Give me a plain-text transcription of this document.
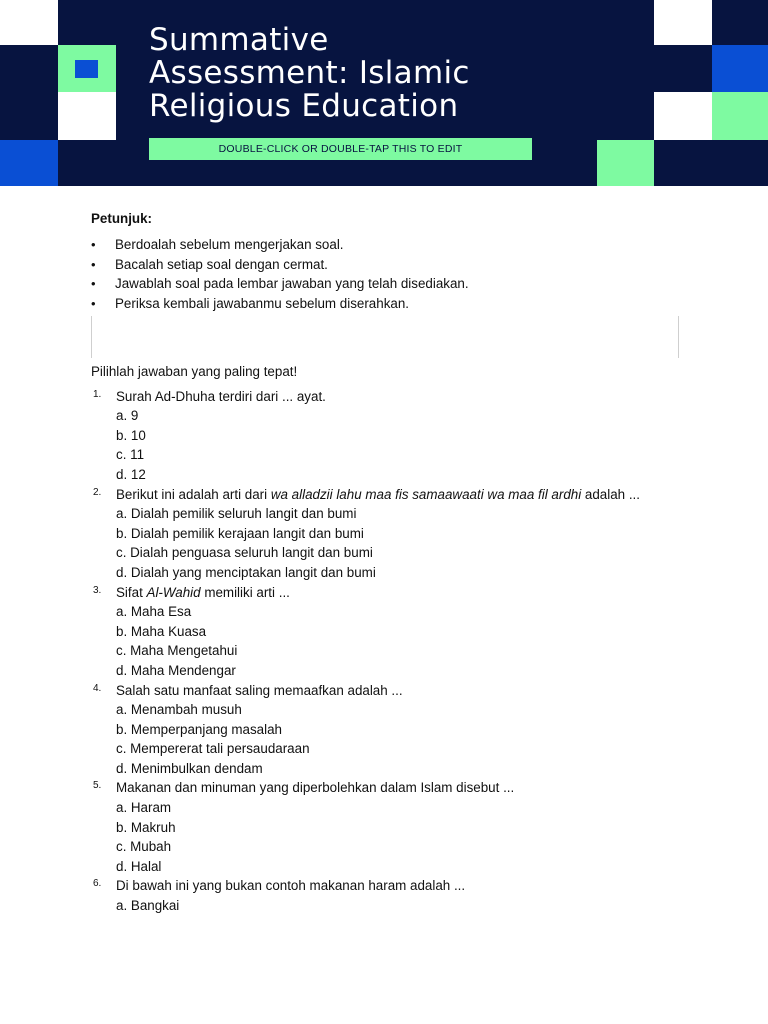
Summative
Assessment: Islamic
Religious Education
DOUBLE-CLICK OR DOUBLE-TAP THIS TO EDIT
Petunjuk:
• Berdoalah sebelum mengerjakan soal.
• Bacalah setiap soal dengan cermat.
• Jawablah soal pada lembar jawaban yang telah disediakan.
• Periksa kembali jawabanmu sebelum diserahkan.
Pilihlah jawaban yang paling tepat!
1. Surah Ad-Dhuha terdiri dari ... ayat.
a. 9
b. 10
c. 11
d. 12
2. Berikut ini adalah arti dari wa alladzii lahu maa fis samaawaati wa maa fil ardhi adalah ...
a. Dialah pemilik seluruh langit dan bumi
b. Dialah pemilik kerajaan langit dan bumi
c. Dialah penguasa seluruh langit dan bumi
d. Dialah yang menciptakan langit dan bumi
3. Sifat Al-Wahid memiliki arti ...
a. Maha Esa
b. Maha Kuasa
c. Maha Mengetahui
d. Maha Mendengar
4. Salah satu manfaat saling memaafkan adalah ...
a. Menambah musuh
b. Memperpanjang masalah
c. Mempererat tali persaudaraan
d. Menimbulkan dendam
5. Makanan dan minuman yang diperbolehkan dalam Islam disebut ...
a. Haram
b. Makruh
c. Mubah
d. Halal
6. Di bawah ini yang bukan contoh makanan haram adalah ...
a. Bangkai
